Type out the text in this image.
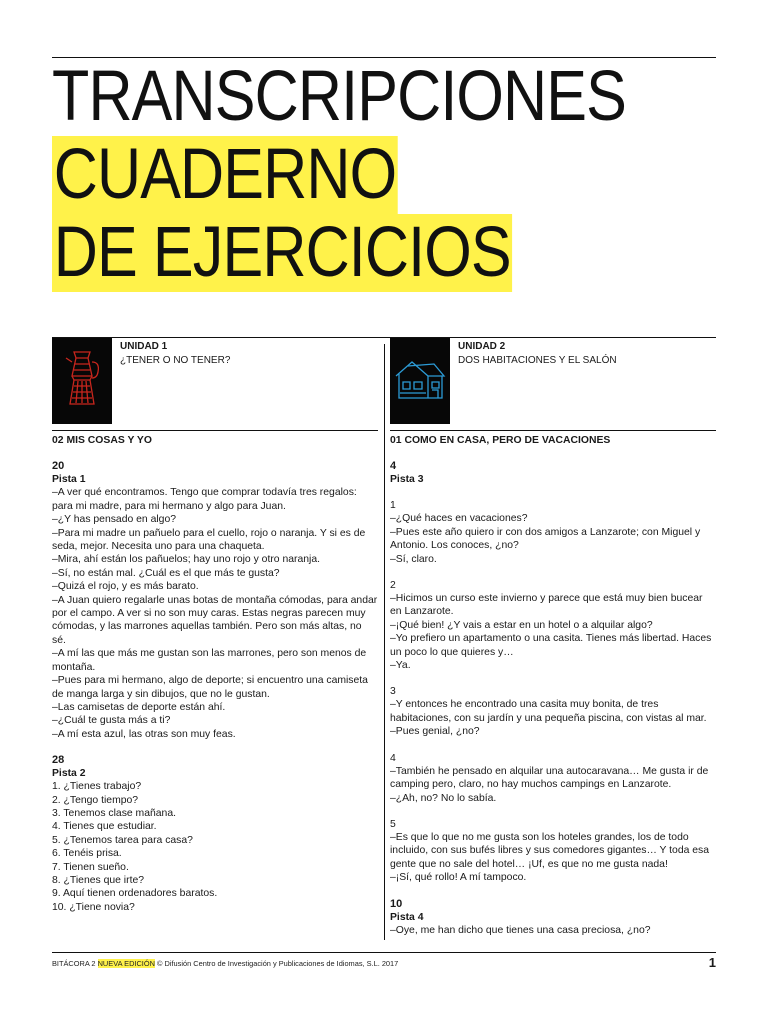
TRANSCRIPCIONES
CUADERNO
DE EJERCICIOS
UNIDAD 1
¿TENER O NO TENER?
02 MIS COSAS Y YO
20
Pista 1
–A ver qué encontramos. Tengo que comprar todavía tres regalos: para mi madre, para mi hermano y algo para Juan.
–¿Y has pensado en algo?
–Para mi madre un pañuelo para el cuello, rojo o naranja. Y si es de seda, mejor. Necesita uno para una chaqueta.
–Mira, ahí están los pañuelos; hay uno rojo y otro naranja.
–Sí, no están mal. ¿Cuál es el que más te gusta?
–Quizá el rojo, y es más barato.
–A Juan quiero regalarle unas botas de montaña cómodas, para andar por el campo. A ver si no son muy caras. Estas negras parecen muy cómodas, y las marrones aquellas también. Pero son más altas, no sé.
–A mí las que más me gustan son las marrones, pero son menos de montaña.
–Pues para mi hermano, algo de deporte; si encuentro una camiseta de manga larga y sin dibujos, que no le gustan.
–Las camisetas de deporte están ahí.
–¿Cuál te gusta más a ti?
–A mí esta azul, las otras son muy feas.
28
Pista 2
1. ¿Tienes trabajo?
2. ¿Tengo tiempo?
3. Tenemos clase mañana.
4. Tienes que estudiar.
5. ¿Tenemos tarea para casa?
6. Tenéis prisa.
7. Tienen sueño.
8. ¿Tienes que irte?
9. Aquí tienen ordenadores baratos.
10. ¿Tiene novia?
UNIDAD 2
DOS HABITACIONES Y EL SALÓN
01 COMO EN CASA, PERO DE VACACIONES
4
Pista 3
1
–¿Qué haces en vacaciones?
–Pues este año quiero ir con dos amigos a Lanzarote; con Miguel y Antonio. Los conoces, ¿no?
–Sí, claro.
2
–Hicimos un curso este invierno y parece que está muy bien bucear en Lanzarote.
–¡Qué bien! ¿Y vais a estar en un hotel o a alquilar algo?
–Yo prefiero un apartamento o una casita. Tienes más libertad. Haces un poco lo que quieres y…
–Ya.
3
–Y entonces he encontrado una casita muy bonita, de tres habitaciones, con su jardín y una pequeña piscina, con vistas al mar.
–Pues genial, ¿no?
4
–También he pensado en alquilar una autocaravana… Me gusta ir de camping pero, claro, no hay muchos campings en Lanzarote.
–¿Ah, no? No lo sabía.
5
–Es que lo que no me gusta son los hoteles grandes, los de todo incluido, con sus bufés libres y sus comedores gigantes… Y toda esa gente que no sale del hotel… ¡Uf, es que no me gusta nada!
–¡Sí, qué rollo! A mí tampoco.
10
Pista 4
–Oye, me han dicho que tienes una casa preciosa, ¿no?
BITÁCORA 2 NUEVA EDICIÓN © Difusión Centro de Investigación y Publicaciones de Idiomas, S.L. 2017	1
